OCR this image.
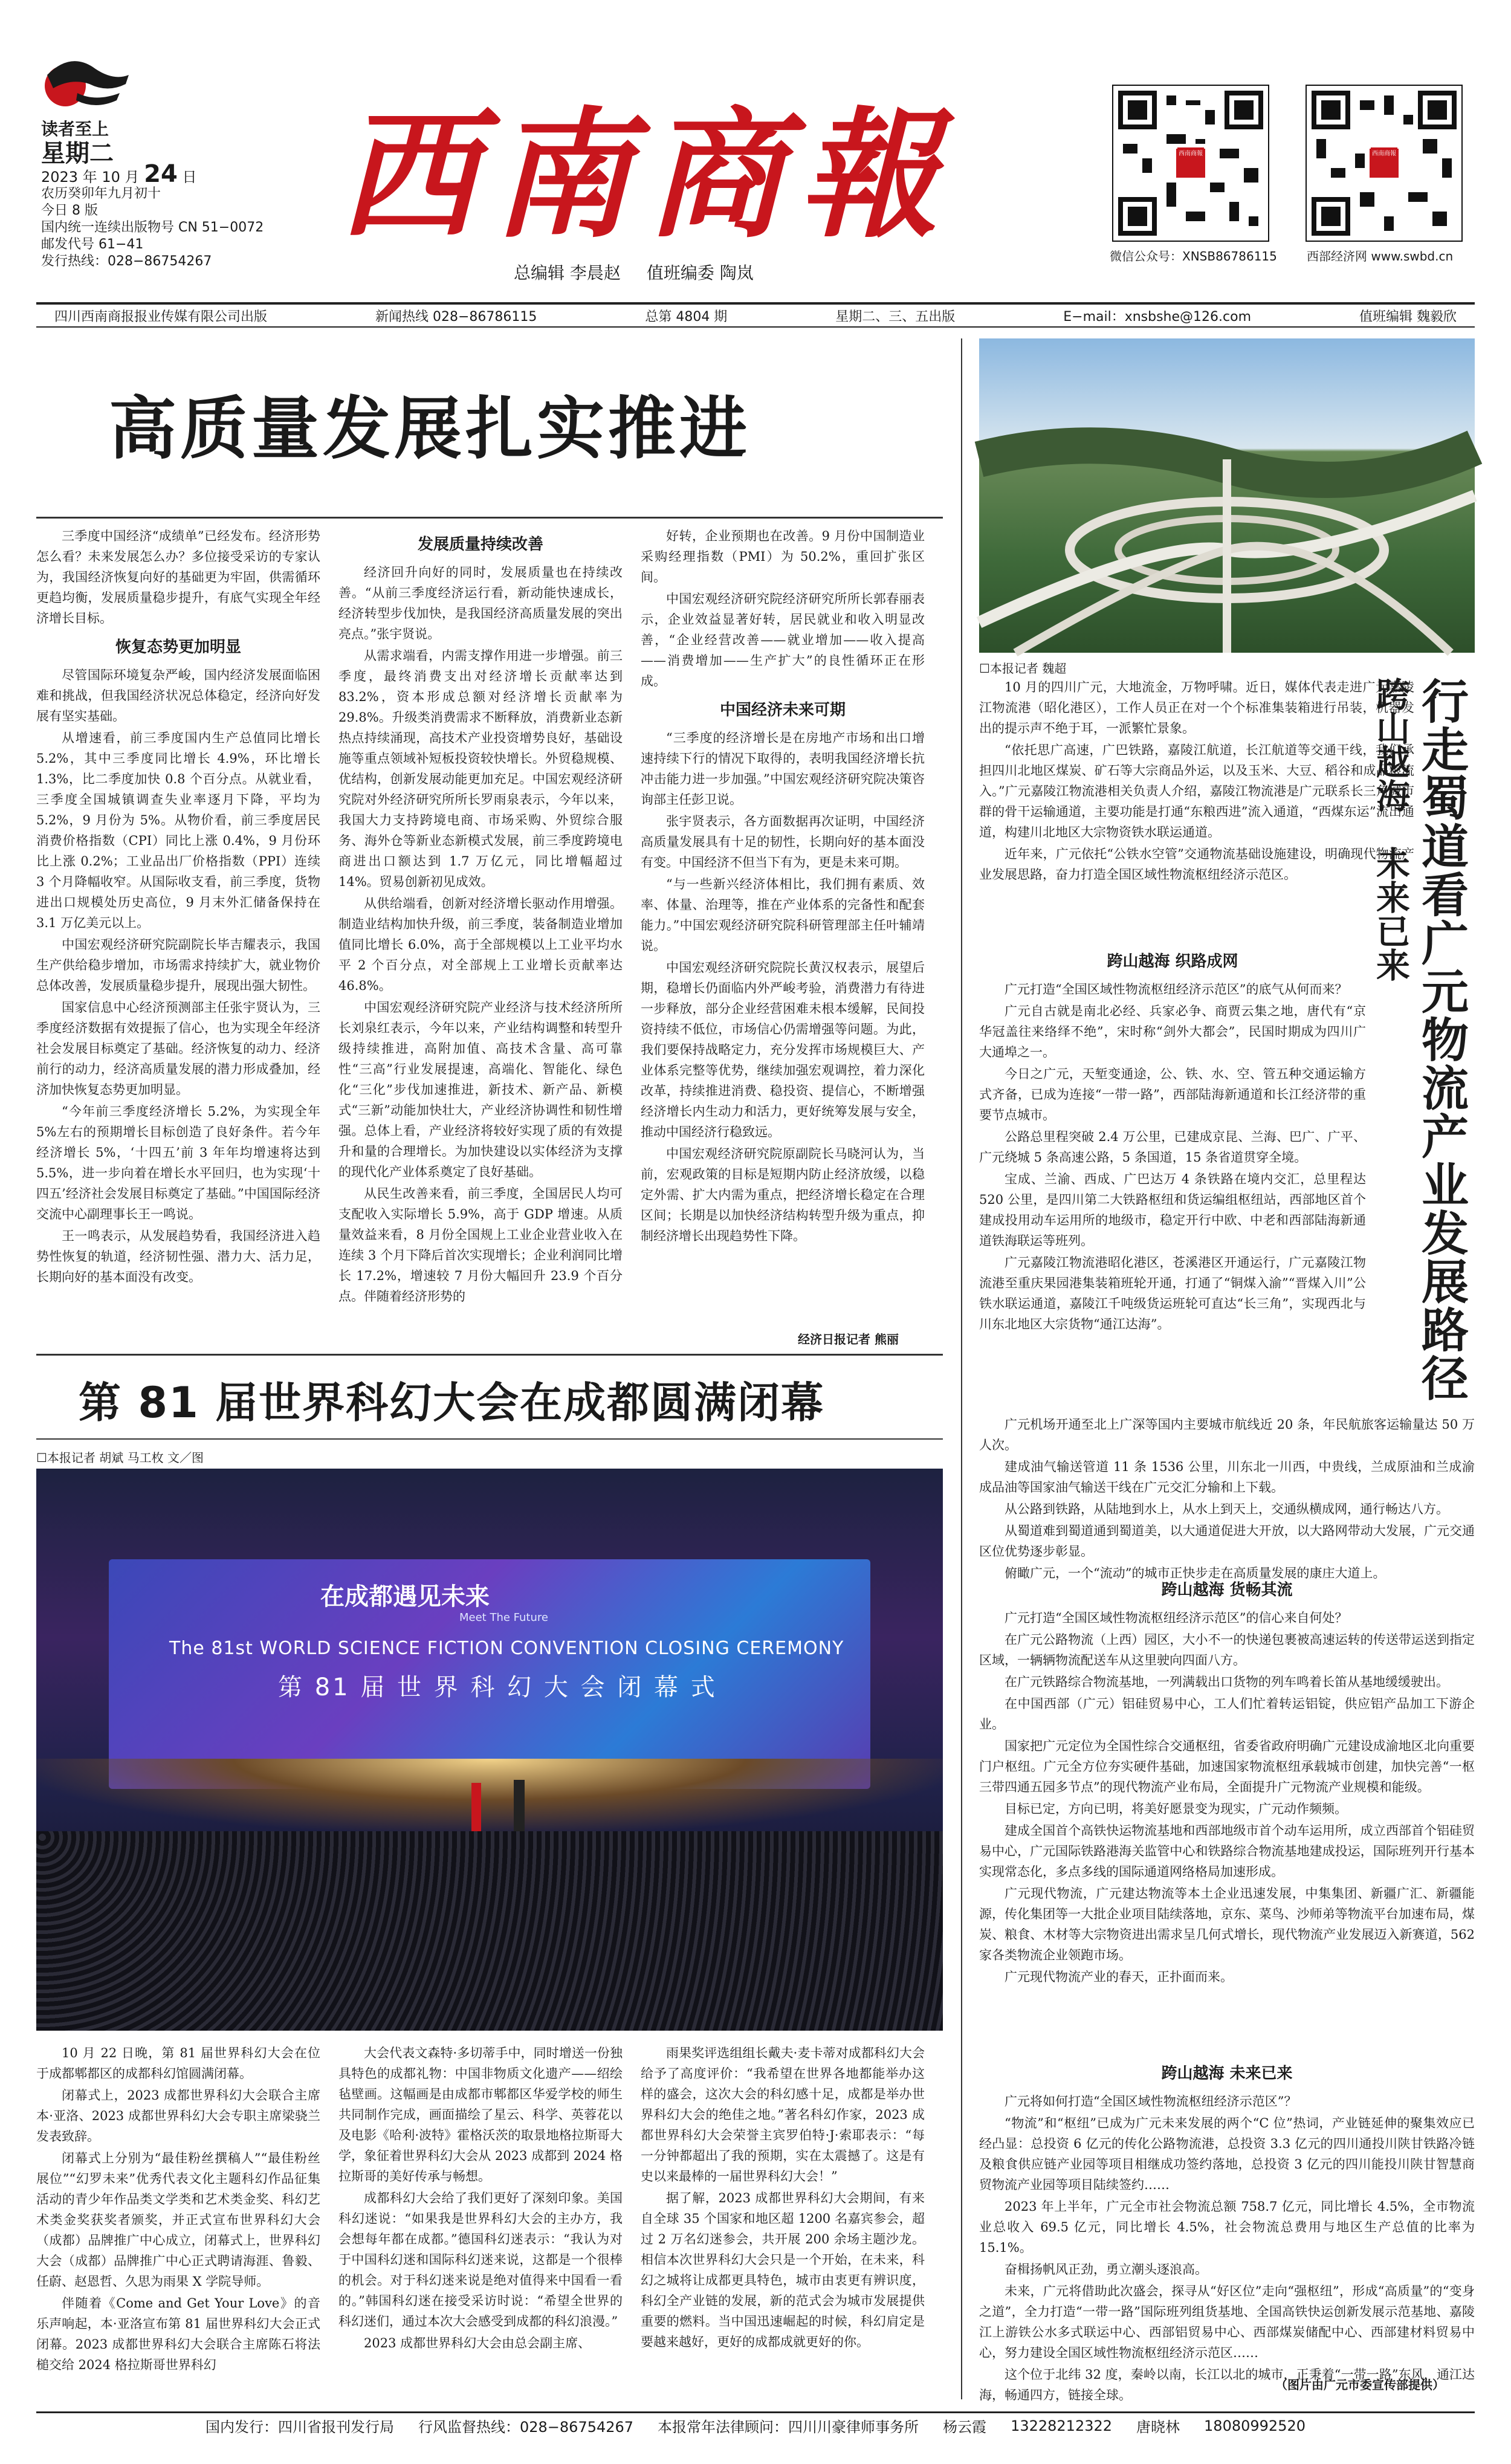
读者至上
星期二
2023 年 10 月 24 日
农历癸卯年九月初十
今日 8 版
国内统一连续出版物号 CN 51−0072
邮发代号 61−41
发行热线：028−86754267
西南商報
总编辑 李晨赵 值班编委 陶岚
西南商報
微信公众号：XNSB86786115
西南商報
西部经济网 www.swbd.cn
四川西南商报报业传媒有限公司出版	新闻热线 028−86786115	总第 4804 期	星期二、三、五出版	E−mail：xnsbshe@126.com	值班编辑 魏毅欣
高质量发展扎实推进

三季度中国经济“成绩单”已经发布。经济形势怎么看？未来发展怎么办？多位接受采访的专家认为，我国经济恢复向好的基础更为牢固，供需循环更趋均衡，发展质量稳步提升，有底气实现全年经济增长目标。

恢复态势更加明显

尽管国际环境复杂严峻，国内经济发展面临困难和挑战，但我国经济状况总体稳定，经济向好发展有坚实基础。

从增速看，前三季度国内生产总值同比增长 5.2%，其中三季度同比增长 4.9%，环比增长 1.3%，比二季度加快 0.8 个百分点。从就业看，三季度全国城镇调查失业率逐月下降，平均为 5.2%，9 月份为 5%。从物价看，前三季度居民消费价格指数（CPI）同比上涨 0.4%，9 月份环比上涨 0.2%；工业品出厂价格指数（PPI）连续 3 个月降幅收窄。从国际收支看，前三季度，货物进出口规模处历史高位，9 月末外汇储备保持在 3.1 万亿美元以上。

中国宏观经济研究院副院长毕吉耀表示，我国生产供给稳步增加，市场需求持续扩大，就业物价总体改善，发展质量稳步提升，展现出强大韧性。

国家信息中心经济预测部主任张宇贤认为，三季度经济数据有效提振了信心，也为实现全年经济社会发展目标奠定了基础。经济恢复的动力、经济前行的动力，经济高质量发展的潜力形成叠加，经济加快恢复态势更加明显。

“今年前三季度经济增长 5.2%，为实现全年 5%左右的预期增长目标创造了良好条件。若今年经济增长 5%，‘十四五’前 3 年年均增速将达到 5.5%，进一步向着在增长水平回归，也为实现‘十四五’经济社会发展目标奠定了基础。”中国国际经济交流中心副理事长王一鸣说。

王一鸣表示，从发展趋势看，我国经济进入趋势性恢复的轨道，经济韧性强、潜力大、活力足，长期向好的基本面没有改变。

发展质量持续改善

经济回升向好的同时，发展质量也在持续改善。“从前三季度经济运行看，新动能快速成长，经济转型步伐加快，是我国经济高质量发展的突出亮点。”张宇贤说。

从需求端看，内需支撑作用进一步增强。前三季度，最终消费支出对经济增长贡献率达到 83.2%，资本形成总额对经济增长贡献率为 29.8%。升级类消费需求不断释放，消费新业态新热点持续涌现，高技术产业投资增势良好，基础设施等重点领域补短板投资较快增长。外贸稳规模、优结构，创新发展动能更加充足。中国宏观经济研究院对外经济研究所所长罗雨泉表示，今年以来，我国大力支持跨境电商、市场采购、外贸综合服务、海外仓等新业态新模式发展，前三季度跨境电商进出口额达到 1.7 万亿元，同比增幅超过 14%。贸易创新初见成效。

从供给端看，创新对经济增长驱动作用增强。制造业结构加快升级，前三季度，装备制造业增加值同比增长 6.0%，高于全部规模以上工业平均水平 2 个百分点，对全部规上工业增长贡献率达 46.8%。

中国宏观经济研究院产业经济与技术经济所所长刘泉红表示，今年以来，产业结构调整和转型升级持续推进，高附加值、高技术含量、高可靠性“三高”行业发展提速，高端化、智能化、绿色化“三化”步伐加速推进，新技术、新产品、新模式“三新”动能加快壮大，产业经济协调性和韧性增强。总体上看，产业经济将较好实现了质的有效提升和量的合理增长。为加快建设以实体经济为支撑的现代化产业体系奠定了良好基础。

从民生改善来看，前三季度，全国居民人均可支配收入实际增长 5.9%，高于 GDP 增速。从质量效益来看，8 月份全国规上工业企业营业收入在连续 3 个月下降后首次实现增长；企业利润同比增长 17.2%，增速较 7 月份大幅回升 23.9 个百分点。伴随着经济形势的

好转，企业预期也在改善。9 月份中国制造业采购经理指数（PMI）为 50.2%，重回扩张区间。

中国宏观经济研究院经济研究所所长郭春丽表示，企业效益显著好转，居民就业和收入明显改善，“企业经营改善——就业增加——收入提高——消费增加——生产扩大”的良性循环正在形成。

中国经济未来可期

“三季度的经济增长是在房地产市场和出口增速持续下行的情况下取得的，表明我国经济增长抗冲击能力进一步加强。”中国宏观经济研究院决策咨询部主任彭卫说。

张宇贤表示，各方面数据再次证明，中国经济高质量发展具有十足的韧性，长期向好的基本面没有变。中国经济不但当下有为，更是未来可期。

“与一些新兴经济体相比，我们拥有素质、效率、体量、治理等，推在产业体系的完备性和配套能力。”中国宏观经济研究院科研管理部主任叶辅靖说。

中国宏观经济研究院院长黄汉权表示，展望后期，稳增长仍面临内外严峻考验，消费潜力有待进一步释放，部分企业经营困难未根本缓解，民间投资持续不低位，市场信心仍需增强等问题。为此，我们要保持战略定力，充分发挥市场规模巨大、产业体系完整等优势，继续加强宏观调控，着力深化改革，持续推进消费、稳投资、提信心，不断增强经济增长内生动力和活力，更好统筹发展与安全，推动中国经济行稳致远。

中国宏观经济研究院原副院长马晓河认为，当前，宏观政策的目标是短期内防止经济放缓，以稳定外需、扩大内需为重点，把经济增长稳定在合理区间；长期是以加快经济结构转型升级为重点，抑制经济增长出现趋势性下降。

经济日报记者 熊丽
第 81 届世界科幻大会在成都圆满闭幕
☐本报记者 胡斌 马工枚 文／图
在成都遇见未来
Meet The Future
The 81st WORLD SCIENCE FICTION CONVENTION CLOSING CEREMONY
第 81 届 世 界 科 幻 大 会 闭 幕 式

10 月 22 日晚，第 81 届世界科幻大会在位于成都郫都区的成都科幻馆圆满闭幕。

闭幕式上，2023 成都世界科幻大会联合主席本·亚洛、2023 成都世界科幻大会专职主席梁骁兰发表致辞。

闭幕式上分别为“最佳粉丝撰稿人”“最佳粉丝展位”“幻罗未来”优秀代表文化主题科幻作品征集活动的青少年作品类文学类和艺术类金奖、科幻艺术类金奖获奖者颁奖，并正式宣布世界科幻大会（成都）品牌推广中心成立，闭幕式上，世界科幻大会（成都）品牌推广中心正式聘请海涯、鲁毅、任蔚、赵恩哲、久思为雨果 X 学院导师。

伴随着《Come and Get Your Love》的音乐声响起，本·亚洛宣布第 81 届世界科幻大会正式闭幕。2023 成都世界科幻大会联合主席陈石将法槌交给 2024 格拉斯哥世界科幻

大会代表文森特·多切蒂手中，同时增送一份独具特色的成都礼物：中国非物质文化遗产——绍绘毡壁画。这幅画是由成都市郫都区华爱学校的师生共同制作完成，画面描绘了星云、科学、英蓉花以及电影《哈利·波特》霍格沃茨的取景地格拉斯哥大学，象征着世界科幻大会从 2023 成都到 2024 格拉斯哥的美好传承与畅想。

成都科幻大会给了我们更好了深刻印象。美国科幻迷说：“如果我是世界科幻大会的主办方，我会想每年都在成都。”德国科幻迷表示：“我认为对于中国科幻迷和国际科幻迷来说，这都是一个很棒的机会。对于科幻迷来说是绝对值得来中国看一看的。”韩国科幻迷在接受采访时说：“希望全世界的科幻迷们，通过本次大会感受到成都的科幻浪漫。”

2023 成都世界科幻大会由总会副主席、

雨果奖评选组组长戴夫·麦卡蒂对成都科幻大会给予了高度评价：“我希望在世界各地都能举办这样的盛会，这次大会的科幻感十足，成都是举办世界科幻大会的绝佳之地。”著名科幻作家，2023 成都世界科幻大会荣誉主宾罗伯特·J·索耶表示：“每一分钟都超出了我的预期，实在太震撼了。这是有史以来最棒的一届世界科幻大会！”

据了解，2023 成都世界科幻大会期间，有来自全球 35 个国家和地区超 1200 名嘉宾参会，超过 2 万名幻迷参会，共开展 200 余场主题沙龙。相信本次世界科幻大会只是一个开始，在未来，科幻之城将让成都更具特色，城市由衷更有辨识度，科幻全产业链的发展，新的范式会为城市发展提供重要的燃料。当中国迅速崛起的时候，科幻肩定是要越来越好，更好的成都成就更好的你。

☐本报记者 魏超

10 月的四川广元，大地流金，万物呼啸。近日，媒体代表走进广元嘉陵江物流港（昭化港区），工作人员正在对一个个标准集装箱进行吊装，机器发出的提示声不绝于耳，一派繁忙景象。

“依托思广高速，广巴铁路，嘉陵江航道，长江航道等交通干线，我们承担四川北地区煤炭、矿石等大宗商品外运，以及玉米、大豆、稻谷和成品粮流入。”广元嘉陵江物流港相关负责人介绍，嘉陵江物流港是广元联系长三角城市群的骨干运输通道，主要功能是打通“东粮西进”流入通道，“西煤东运”流出通道，构建川北地区大宗物资铁水联运通道。

近年来，广元依托“公铁水空管”交通物流基础设施建设，明确现代物流产业发展思路，奋力打造全国区域性物流枢纽经济示范区。	行走蜀道看广元物流产业发展路径
跨山越海　未来已来
跨山越海 织路成网

广元打造“全国区域性物流枢纽经济示范区”的底气从何而来？

广元自古就是南北必经、兵家必争、商贾云集之地，唐代有“京华冠盖往来络绎不绝”，宋时称“剑外大都会”，民国时期成为四川广大通埠之一。

今日之广元，天堑变通途，公、铁、水、空、管五种交通运输方式齐备，已成为连接“一带一路”，西部陆海新通道和长江经济带的重要节点城市。

公路总里程突破 2.4 万公里，已建成京昆、兰海、巴广、广平、广元绕城 5 条高速公路，5 条国道，15 条省道贯穿全境。

宝成、兰渝、西成、广巴达万 4 条铁路在境内交汇，总里程达 520 公里，是四川第二大铁路枢纽和货运编组枢纽站，西部地区首个建成投用动车运用所的地级市，稳定开行中欧、中老和西部陆海新通道铁海联运等班列。

广元嘉陵江物流港昭化港区，苍溪港区开通运行，广元嘉陵江物流港至重庆果园港集装箱班轮开通，打通了“铜煤入渝”“晋煤入川”公铁水联运通道，嘉陵江千吨级货运班轮可直达“长三角”，实现西北与川东北地区大宗货物“通江达海”。

广元机场开通至北上广深等国内主要城市航线近 20 条，年民航旅客运输量达 50 万人次。

建成油气输送管道 11 条 1536 公里，川东北一川西，中贵线，兰成原油和兰成渝成品油等国家油气输送干线在广元交汇分输和上下载。

从公路到铁路，从陆地到水上，从水上到天上，交通纵横成网，通行畅达八方。

从蜀道难到蜀道通到蜀道美，以大通道促进大开放，以大路网带动大发展，广元交通区位优势逐步彰显。

俯瞰广元，一个“流动”的城市正快步走在高质量发展的康庄大道上。

跨山越海 货畅其流

广元打造“全国区域性物流枢纽经济示范区”的信心来自何处？

在广元公路物流（上西）园区，大小不一的快递包裹被高速运转的传送带运送到指定区域，一辆辆物流配送车从这里驶向四面八方。

在广元铁路综合物流基地，一列满载出口货物的列车鸣着长笛从基地缓缓驶出。

在中国西部（广元）铝硅贸易中心，工人们忙着转运铝锭，供应铝产品加工下游企业。

国家把广元定位为全国性综合交通枢纽，省委省政府明确广元建设成渝地区北向重要门户枢纽。广元全方位夯实硬件基础，加速国家物流枢纽承载城市创建，加快完善“一枢三带四通五园多节点”的现代物流产业布局，全面提升广元物流产业规模和能级。

目标已定，方向已明，将美好愿景变为现实，广元动作频频。

建成全国首个高铁快运物流基地和西部地级市首个动车运用所，成立西部首个铝硅贸易中心，广元国际铁路港海关监管中心和铁路综合物流基地建成投运，国际班列开行基本实现常态化，多点多线的国际通道网络格局加速形成。

广元现代物流，广元建达物流等本土企业迅速发展，中集集团、新疆广汇、新疆能源，传化集团等一大批企业项目陆续落地，京东、菜鸟、沙师弟等物流平台加速布局，煤炭、粮食、木材等大宗物资进出需求呈几何式增长，现代物流产业发展迈入新赛道，562 家各类物流企业领跑市场。

广元现代物流产业的春天，正扑面而来。

跨山越海 未来已来

广元将如何打造“全国区域性物流枢纽经济示范区”？

“物流”和“枢纽”已成为广元未来发展的两个“C 位”热词，产业链延伸的聚集效应已经凸显：总投资 6 亿元的传化公路物流港，总投资 3.3 亿元的四川通投川陕甘铁路冷链及粮食供应链产业园等项目相继成功签约落地，总投资 3 亿元的四川能投川陕甘智慧商贸物流产业园等项目陆续签约……

2023 年上半年，广元全市社会物流总额 758.7 亿元，同比增长 4.5%，全市物流业总收入 69.5 亿元，同比增长 4.5%，社会物流总费用与地区生产总值的比率为 15.1%。

奋楫扬帆风正劲，勇立潮头逐浪高。

未来，广元将借助此次盛会，探寻从“好区位”走向“强枢纽”，形成“高质量”的“变身之道”，全力打造“一带一路”国际班列组货基地、全国高铁快运创新发展示范基地、嘉陵江上游铁公水多式联运中心、西部铝贸易中心、西部煤炭储配中心、西部建材料贸易中心，努力建设全国区域性物流枢纽经济示范区……

这个位于北纬 32 度，秦岭以南，长江以北的城市，正秉着“一带一路”东风，通江达海，畅通四方，链接全球。

（图片由广元市委宣传部提供）
国内发行：四川省报刊发行局 行风监督热线：028−86754267 本报常年法律顾问：四川川豪律师事务所 杨云霞 13228212322 唐晓林 18080992520
